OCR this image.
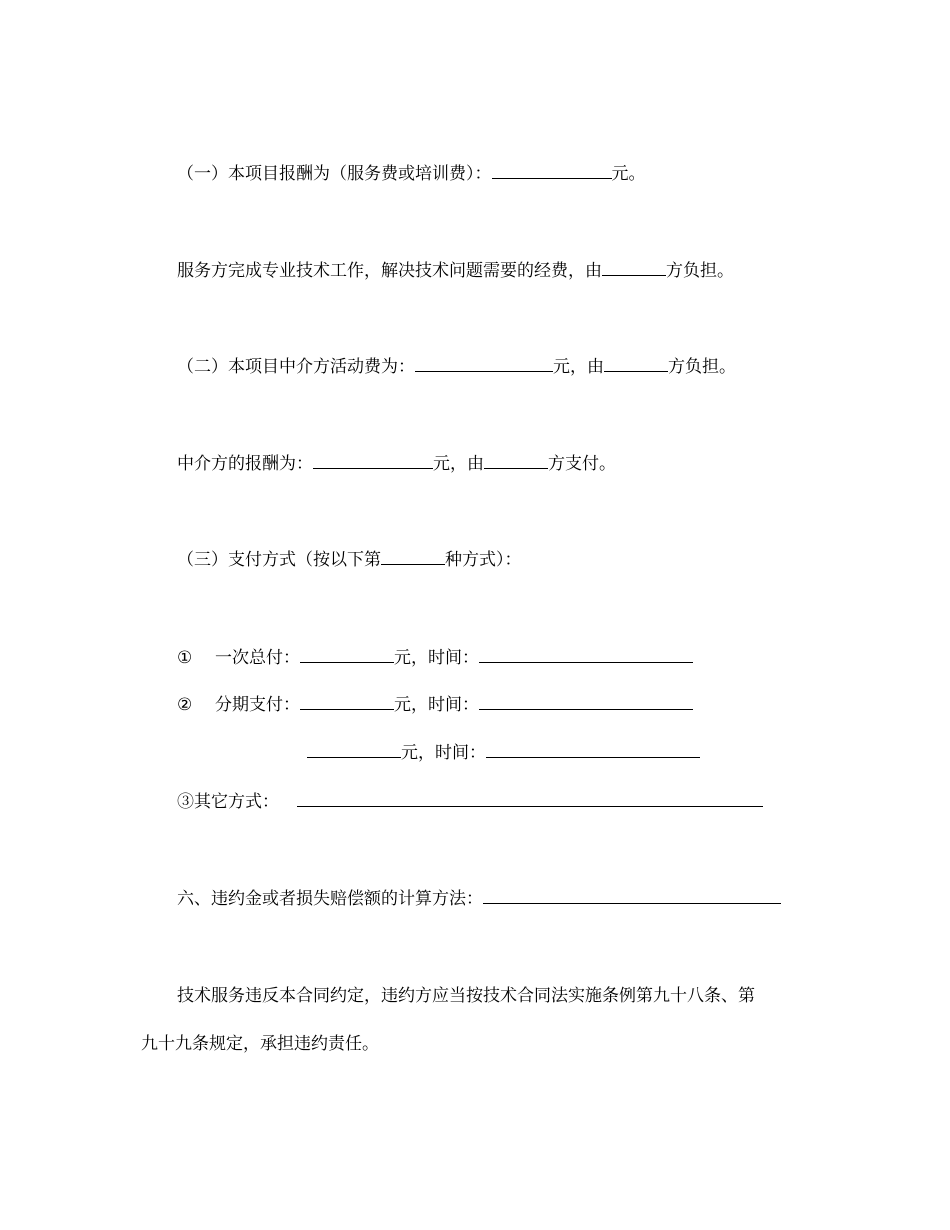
（一）本项目报酬为（服务费或培训费）：	元。
服务方完成专业技术工作，解决技术问题需要的经费，由	方负担。
（二）本项目中介方活动费为：	元，由	方负担。
中介方的报酬为：	元，由	方支付。
（三）支付方式（按以下第	种方式）：
① 一次总付：	元，时间：
② 分期支付：	元，时间：
元，时间：
③其它方式：
六、违约金或者损失赔偿额的计算方法：
技术服务违反本合同约定，违约方应当按技术合同法实施条例第九十八条、第
九十九条规定，承担违约责任。
